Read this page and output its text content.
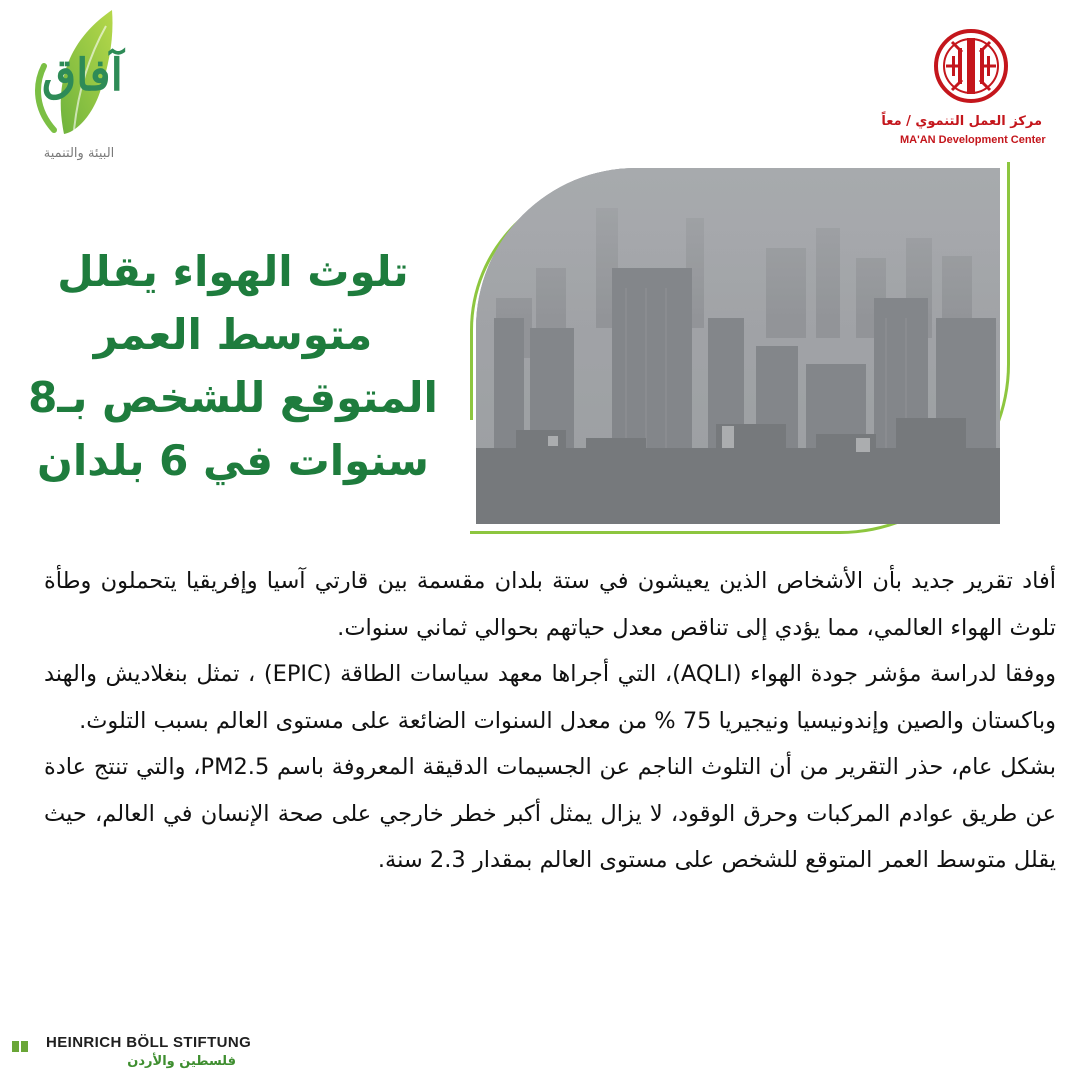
آفاق
البيئة والتنمية
مركز العمل التنموي / معاً
MA'AN Development Center
تلوث الهواء يقلل متوسط العمر المتوقع للشخص بـ8 سنوات في 6 بلدان

أفاد تقرير جديد بأن الأشخاص الذين يعيشون في ستة بلدان مقسمة بين قارتي آسيا وإفريقيا يتحملون وطأة تلوث الهواء العالمي، مما يؤدي إلى تناقص معدل حياتهم بحوالي ثماني سنوات.

ووفقا لدراسة مؤشر جودة الهواء (AQLI)، التي أجراها معهد سياسات الطاقة (EPIC) ، تمثل بنغلاديش والهند وباكستان والصين وإندونيسيا ونيجيريا 75 % من معدل السنوات الضائعة على مستوى العالم بسبب التلوث.

بشكل عام، حذر التقرير من أن التلوث الناجم عن الجسيمات الدقيقة المعروفة باسم PM2.5، والتي تنتج عادة عن طريق عوادم المركبات وحرق الوقود، لا يزال يمثل أكبر خطر خارجي على صحة الإنسان في العالم، حيث يقلل متوسط العمر المتوقع للشخص على مستوى العالم بمقدار 2.3 سنة.

HEINRICH BÖLL STIFTUNG
فلسطين والأردن
